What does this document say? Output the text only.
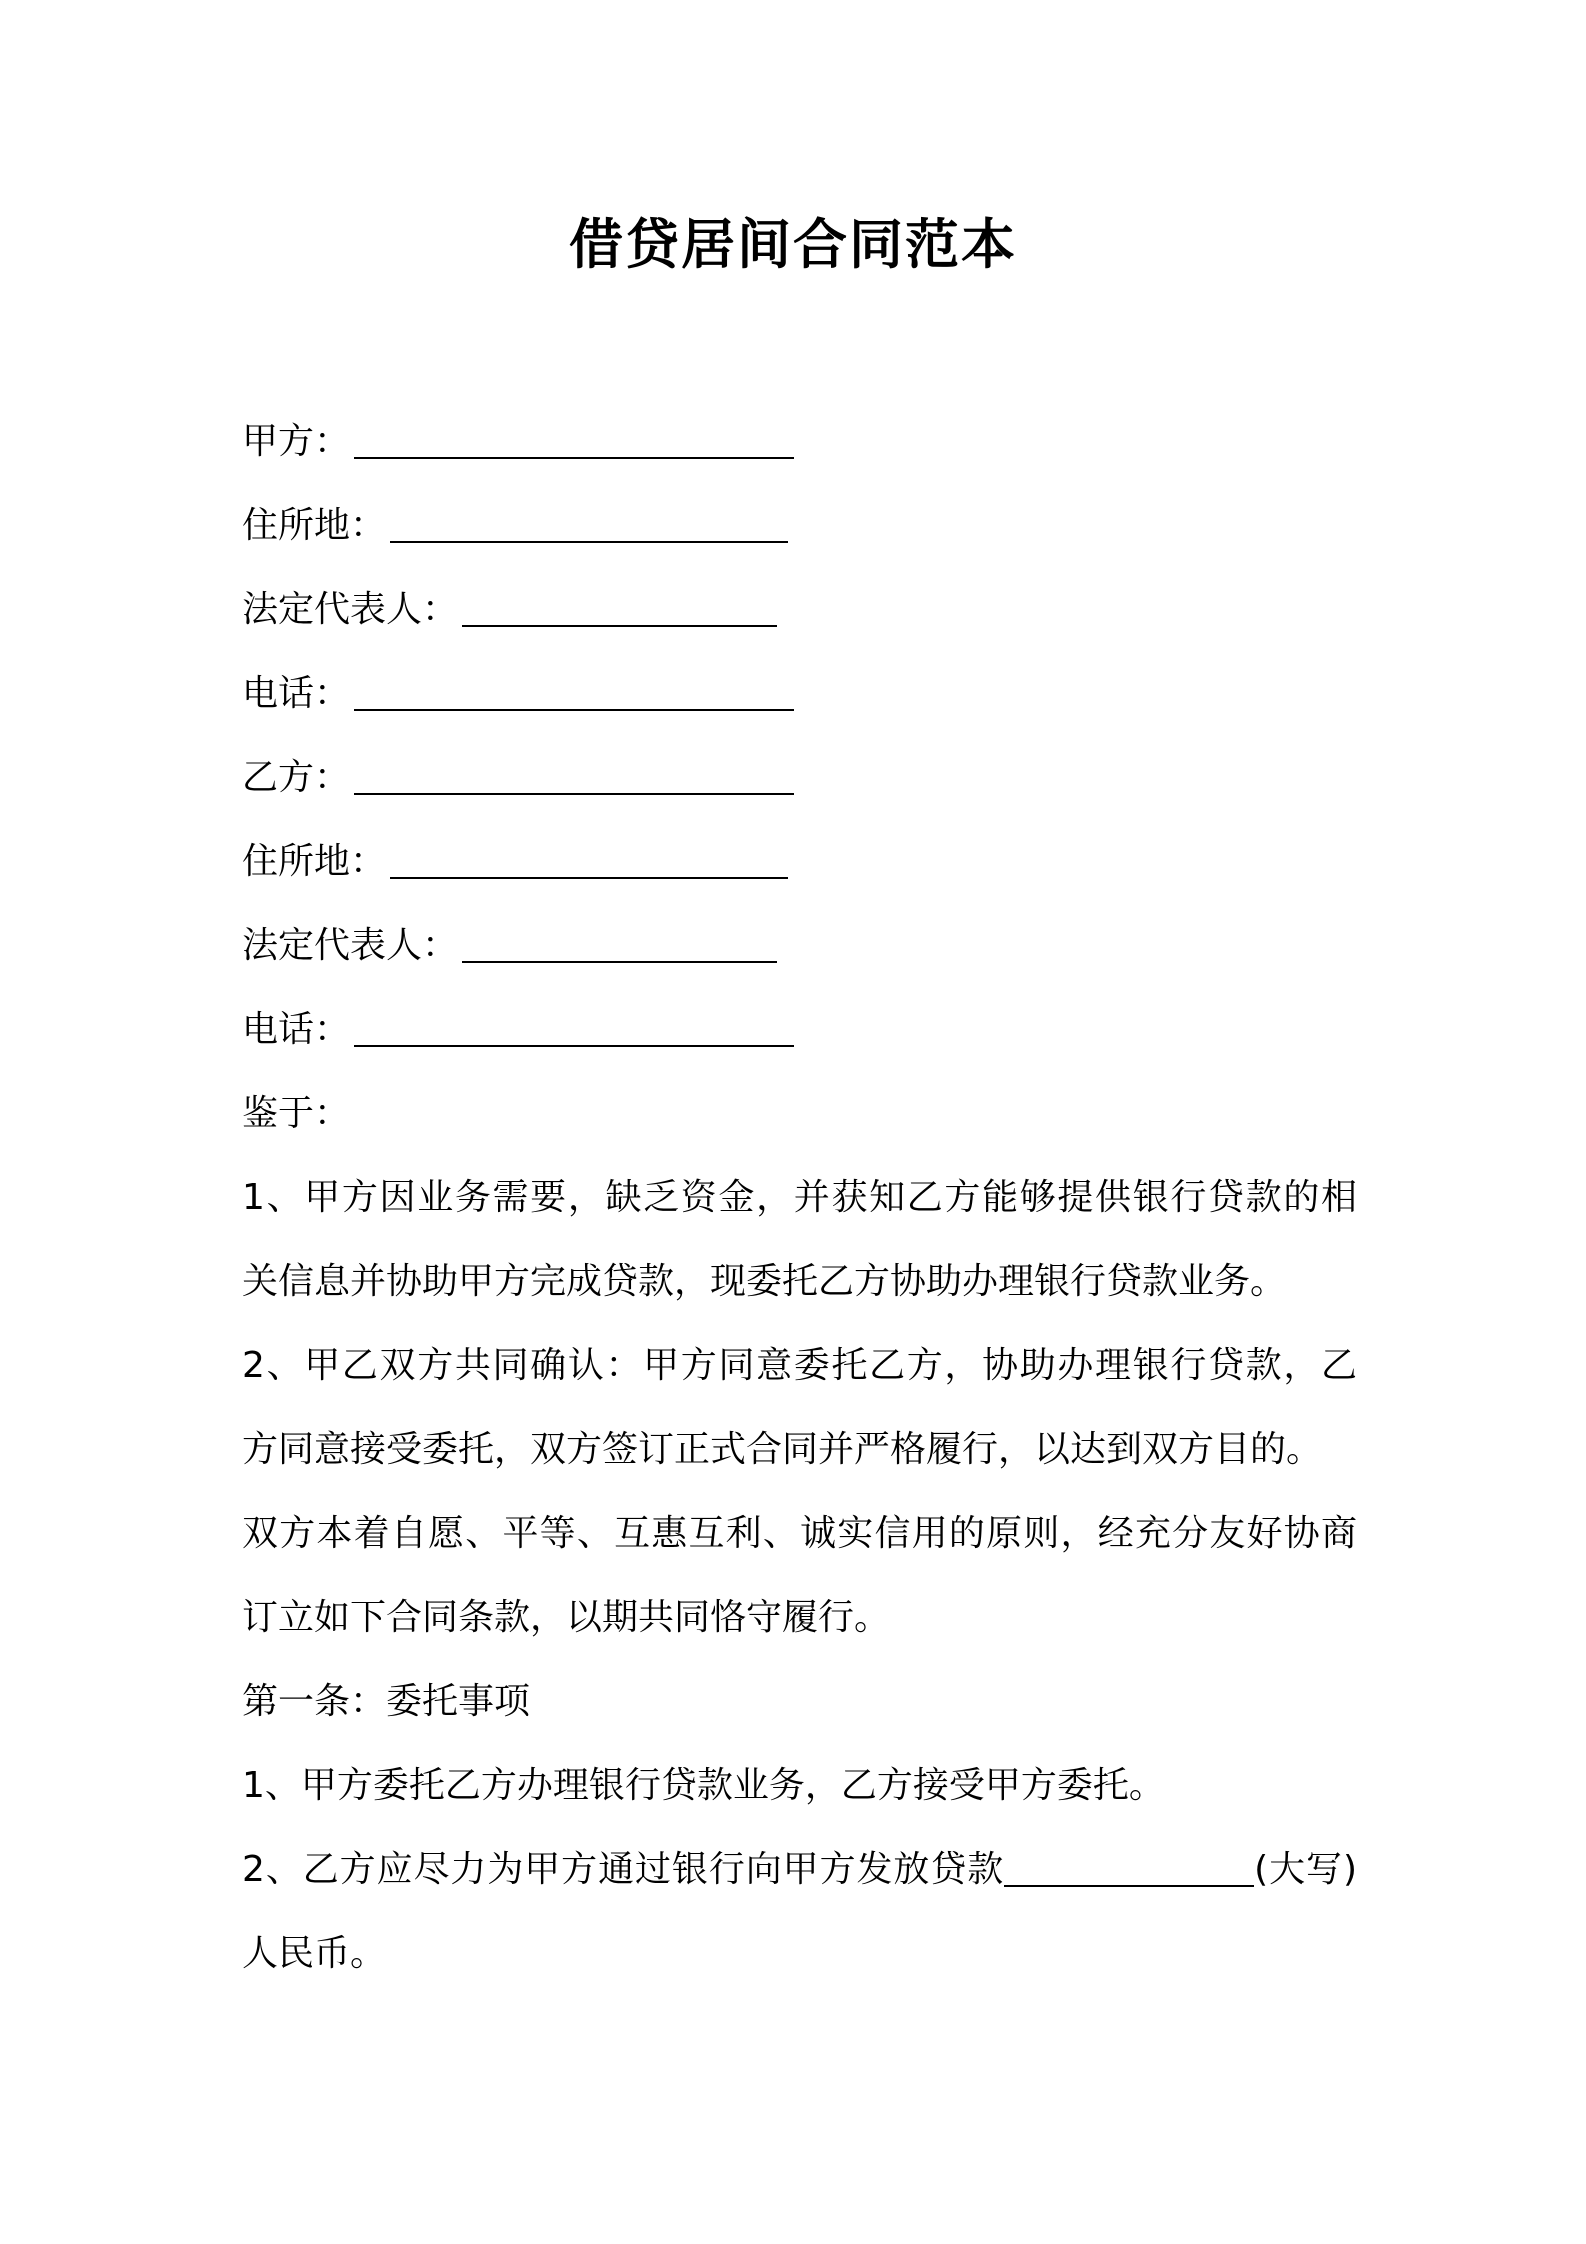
借贷居间合同范本
甲方：
住所地：
法定代表人：
电话：
乙方：
住所地：
法定代表人：
电话：
鉴于：
1、甲方因业务需要，缺乏资金，并获知乙方能够提供银行贷款的相
关信息并协助甲方完成贷款，现委托乙方协助办理银行贷款业务。
2、甲乙双方共同确认：甲方同意委托乙方，协助办理银行贷款，乙
方同意接受委托，双方签订正式合同并严格履行，以达到双方目的。
双方本着自愿、平等、互惠互利、诚实信用的原则，经充分友好协商
订立如下合同条款，以期共同恪守履行。
第一条：委托事项
1、甲方委托乙方办理银行贷款业务，乙方接受甲方委托。
2、乙方应尽力为甲方通过银行向甲方发放贷款	(大写)
人民币。
